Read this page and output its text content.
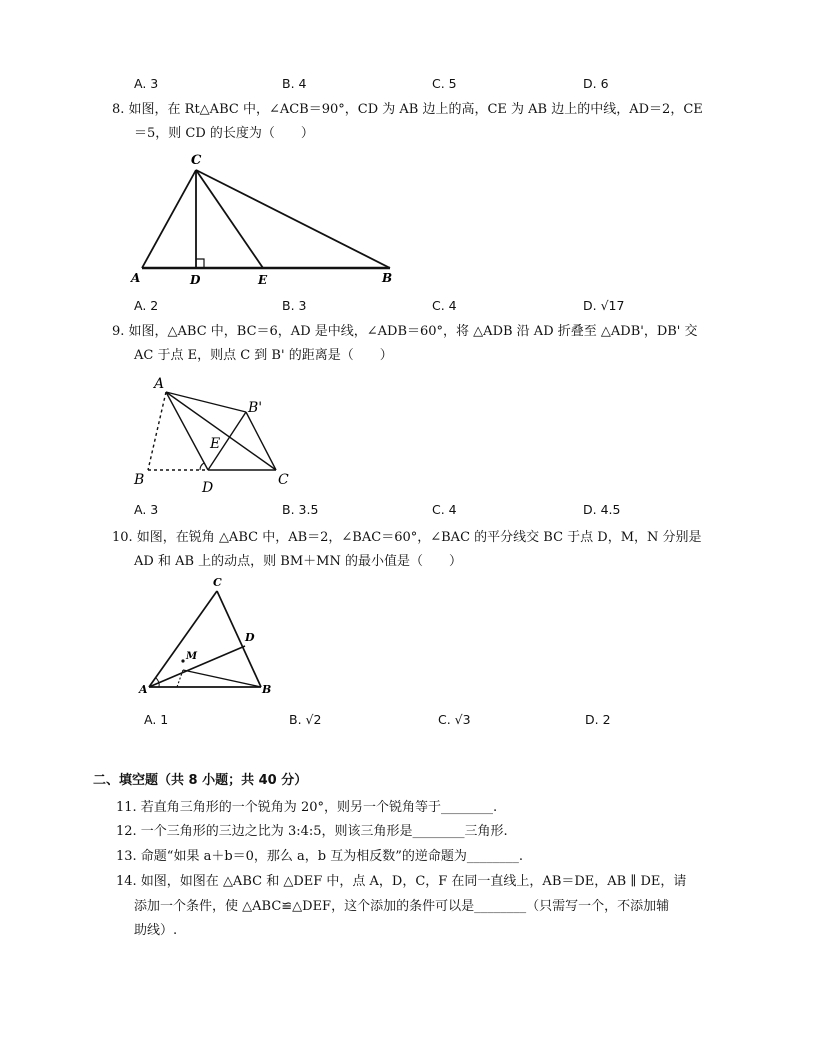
A. 3	B. 4	C. 5	D. 6
8. 如图，在 Rt△ABC 中，∠ACB＝90°，CD 为 AB 边上的高，CE 为 AB 边上的中线，AD＝2，CE
＝5，则 CD 的长度为（　　）
C
A	D	E	B
A. 2	B. 3	C. 4	D. √17
9. 如图，△ABC 中，BC＝6，AD 是中线，∠ADB＝60°，将 △ADB 沿 AD 折叠至 △ADB'，DB' 交
AC 于点 E，则点 C 到 B' 的距离是（　　）
A
B'
E
B	D	C
A. 3	B. 3.5	C. 4	D. 4.5
10. 如图，在锐角 △ABC 中，AB＝2，∠BAC＝60°，∠BAC 的平分线交 BC 于点 D，M，N 分别是
AD 和 AB 上的动点，则 BM＋MN 的最小值是（　　）
C
D
M
A	B
A. 1	B. √2	C. √3	D. 2
二、填空题（共 8 小题；共 40 分）
11. 若直角三角形的一个锐角为 20°，则另一个锐角等于________.
12. 一个三角形的三边之比为 3:4:5，则该三角形是________三角形.
13. 命题“如果 a＋b＝0，那么 a，b 互为相反数”的逆命题为________.
14. 如图，如图在 △ABC 和 △DEF 中，点 A，D，C，F 在同一直线上，AB＝DE，AB ∥ DE，请
添加一个条件，使 △ABC≌△DEF，这个添加的条件可以是________（只需写一个，不添加辅
助线）.
